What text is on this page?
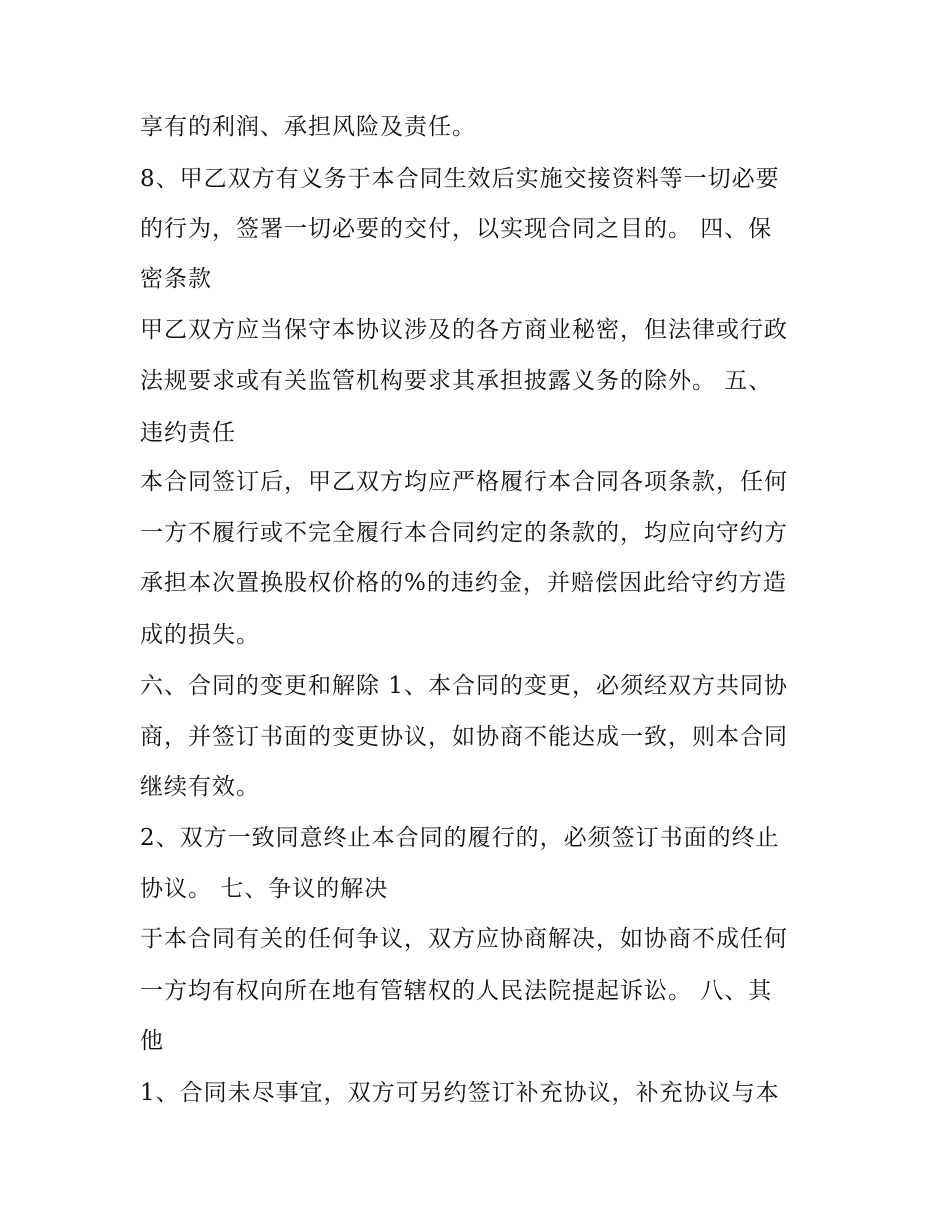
享有的利润、承担风险及责任。
8、甲乙双方有义务于本合同生效后实施交接资料等一切必要
的行为，签署一切必要的交付，以实现合同之目的。 四、保
密条款
甲乙双方应当保守本协议涉及的各方商业秘密，但法律或行政
法规要求或有关监管机构要求其承担披露义务的除外。 五、
违约责任
本合同签订后，甲乙双方均应严格履行本合同各项条款，任何
一方不履行或不完全履行本合同约定的条款的，均应向守约方
承担本次置换股权价格的%的违约金，并赔偿因此给守约方造
成的损失。
六、合同的变更和解除 1、本合同的变更，必须经双方共同协
商，并签订书面的变更协议，如协商不能达成一致，则本合同
继续有效。
2、双方一致同意终止本合同的履行的，必须签订书面的终止
协议。 七、争议的解决
于本合同有关的任何争议，双方应协商解决，如协商不成任何
一方均有权向所在地有管辖权的人民法院提起诉讼。 八、其
他
1、合同未尽事宜，双方可另约签订补充协议，补充协议与本
